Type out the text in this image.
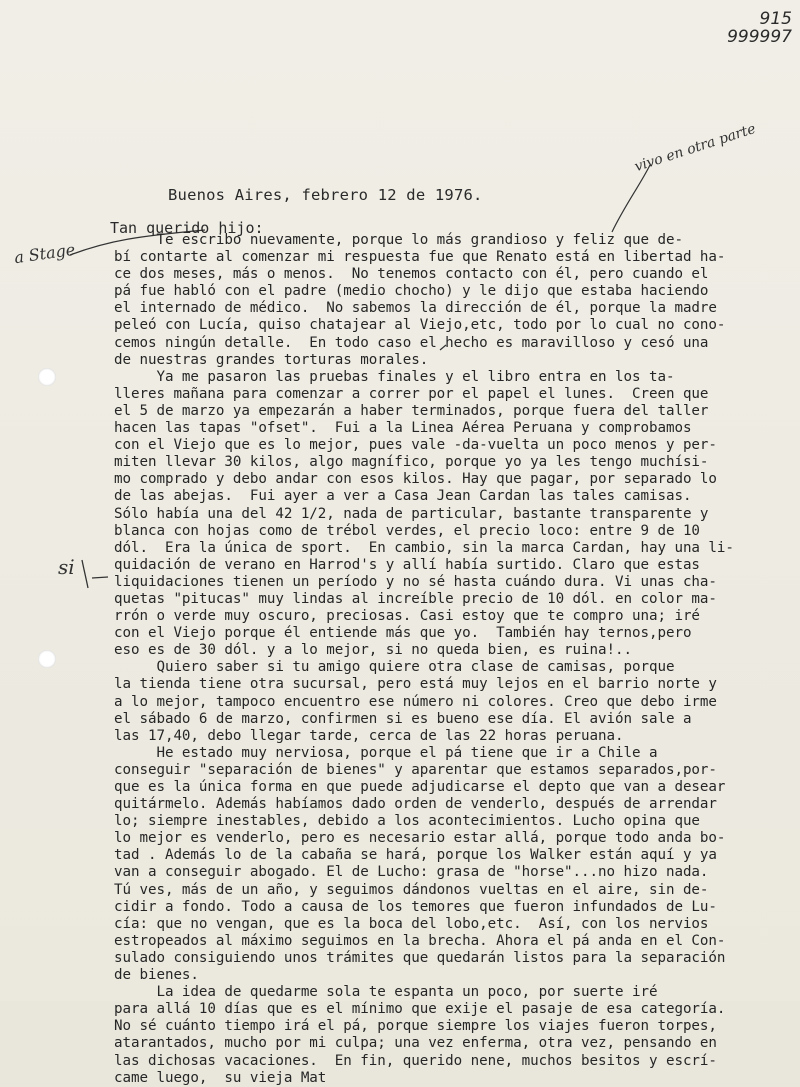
915
999997
vivo en otra parte
a Stage
si
Buenos Aires, febrero 12 de 1976.
Tan querido hijo:
Te escribo nuevamente, porque lo más grandioso y feliz que de-
bí contarte al comenzar mi respuesta fue que Renato está en libertad ha-
ce dos meses, más o menos.  No tenemos contacto con él, pero cuando el
pá fue habló con el padre (medio chocho) y le dijo que estaba haciendo
el internado de médico.  No sabemos la dirección de él, porque la madre
peleó con Lucía, quiso chatajear al Viejo,etc, todo por lo cual no cono-
cemos ningún detalle.  En todo caso el hecho es maravilloso y cesó una
de nuestras grandes torturas morales.
Ya me pasaron las pruebas finales y el libro entra en los ta-
lleres mañana para comenzar a correr por el papel el lunes.  Creen que
el 5 de marzo ya empezarán a haber terminados, porque fuera del taller
hacen las tapas "ofset".  Fui a la Linea Aérea Peruana y comprobamos
con el Viejo que es lo mejor, pues vale -da-vuelta un poco menos y per-
miten llevar 30 kilos, algo magnífico, porque yo ya les tengo muchísi-
mo comprado y debo andar con esos kilos. Hay que pagar, por separado lo
de las abejas.  Fui ayer a ver a Casa Jean Cardan las tales camisas.
Sólo había una del 42 1/2, nada de particular, bastante transparente y
blanca con hojas como de trébol verdes, el precio loco: entre 9 de 10
dól.  Era la única de sport.  En cambio, sin la marca Cardan, hay una li-
quidación de verano en Harrod's y allí había surtido. Claro que estas
liquidaciones tienen un período y no sé hasta cuándo dura. Vi unas cha-
quetas "pitucas" muy lindas al increíble precio de 10 dól. en color ma-
rrón o verde muy oscuro, preciosas. Casi estoy que te compro una; iré
con el Viejo porque él entiende más que yo.  También hay ternos,pero
eso es de 30 dól. y a lo mejor, si no queda bien, es ruina!..
Quiero saber si tu amigo quiere otra clase de camisas, porque
la tienda tiene otra sucursal, pero está muy lejos en el barrio norte y
a lo mejor, tampoco encuentro ese número ni colores. Creo que debo irme
el sábado 6 de marzo, confirmen si es bueno ese día. El avión sale a
las 17,40, debo llegar tarde, cerca de las 22 horas peruana.
He estado muy nerviosa, porque el pá tiene que ir a Chile a
conseguir "separación de bienes" y aparentar que estamos separados,por-
que es la única forma en que puede adjudicarse el depto que van a desear
quitármelo. Además habíamos dado orden de venderlo, después de arrendar
lo; siempre inestables, debido a los acontecimientos. Lucho opina que
lo mejor es venderlo, pero es necesario estar allá, porque todo anda bo-
tad . Además lo de la cabaña se hará, porque los Walker están aquí y ya
van a conseguir abogado. El de Lucho: grasa de "horse"...no hizo nada.
Tú ves, más de un año, y seguimos dándonos vueltas en el aire, sin de-
cidir a fondo. Todo a causa de los temores que fueron infundados de Lu-
cía: que no vengan, que es la boca del lobo,etc.  Así, con los nervios
estropeados al máximo seguimos en la brecha. Ahora el pá anda en el Con-
sulado consiguiendo unos trámites que quedarán listos para la separación
de bienes.
La idea de quedarme sola te espanta un poco, por suerte iré
para allá 10 días que es el mínimo que exije el pasaje de esa categoría.
No sé cuánto tiempo irá el pá, porque siempre los viajes fueron torpes,
atarantados, mucho por mi culpa; una vez enferma, otra vez, pensando en
las dichosas vacaciones.  En fin, querido nene, muchos besitos y escrí-
came luego,  su vieja Mat
